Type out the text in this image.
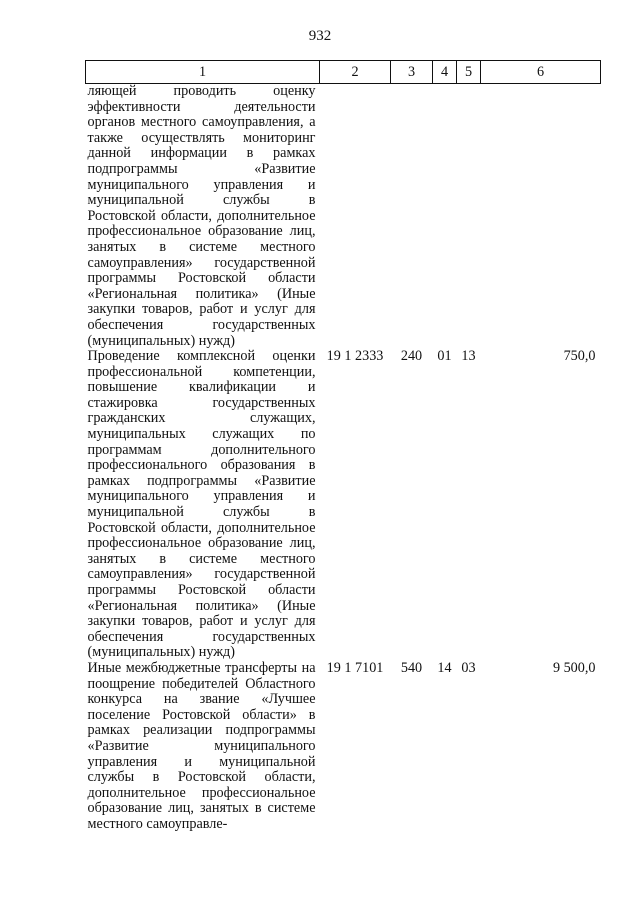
932
1	2	3	4	5	6
ляющей проводить оценку эффективности деятельности органов местного самоуправления, а также осуществлять мониторинг данной информации в рамках подпрограммы «Развитие муниципального управления и муниципальной службы в Ростовской области, дополнительное профессиональное образование лиц, занятых в системе местного самоуправления» государственной программы Ростовской области «Региональная политика» (Иные закупки товаров, работ и услуг для обеспечения государственных (муниципальных) нужд)					
Проведение комплексной оценки профессиональной компетенции, повышение квалификации и стажировка государственных гражданских служащих, муниципальных служащих по программам дополнительного профессионального образования в рамках подпрограммы «Развитие муниципального управления и муниципальной службы в Ростовской области, дополнительное профессиональное образование лиц, занятых в системе местного самоуправления» государственной программы Ростовской области «Региональная политика» (Иные закупки товаров, работ и услуг для обеспечения государственных (муниципальных) нужд)	19 1 2333	240	01	13	750,0
Иные межбюджетные трансферты на поощрение победителей Областного конкурса на звание «Лучшее поселение Ростовской области» в рамках реализации подпрограммы «Развитие муниципального управления и муниципальной службы в Ростовской области, дополнительное профессиональное образование лиц, занятых в системе местного самоуправле-	19 1 7101	540	14	03	9 500,0
